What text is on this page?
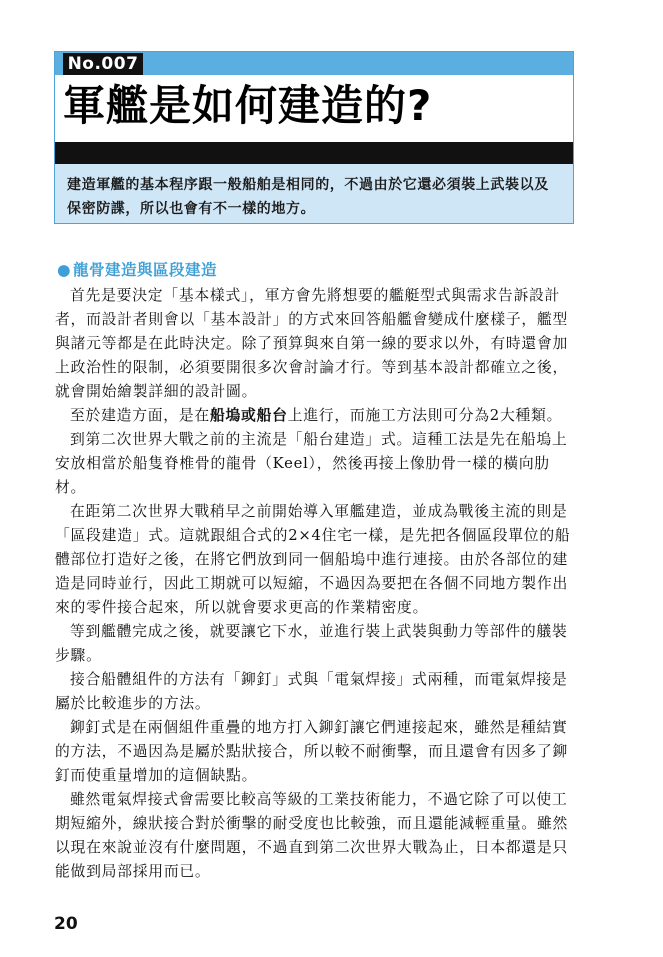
No.007
軍艦是如何建造的?
建造軍艦的基本程序跟一般船舶是相同的，不過由於它還必須裝上武裝以及保密防諜，所以也會有不一樣的地方。
● 龍骨建造與區段建造

首先是要決定「基本樣式」，軍方會先將想要的艦艇型式與需求告訴設計者，而設計者則會以「基本設計」的方式來回答船艦會變成什麼樣子，艦型與諸元等都是在此時決定。除了預算與來自第一線的要求以外，有時還會加上政治性的限制，必須要開很多次會討論才行。等到基本設計都確立之後，就會開始繪製詳細的設計圖。

至於建造方面，是在船塢或船台上進行，而施工方法則可分為2大種類。

到第二次世界大戰之前的主流是「船台建造」式。這種工法是先在船塢上安放相當於船隻脊椎骨的龍骨（Keel），然後再接上像肋骨一樣的橫向肋材。

在距第二次世界大戰稍早之前開始導入軍艦建造，並成為戰後主流的則是「區段建造」式。這就跟組合式的2×4住宅一樣，是先把各個區段單位的船體部位打造好之後，在將它們放到同一個船塢中進行連接。由於各部位的建造是同時並行，因此工期就可以短縮，不過因為要把在各個不同地方製作出來的零件接合起來，所以就會要求更高的作業精密度。

等到艦體完成之後，就要讓它下水，並進行裝上武裝與動力等部件的艤裝步驟。

接合船體組件的方法有「鉚釘」式與「電氣焊接」式兩種，而電氣焊接是屬於比較進步的方法。

鉚釘式是在兩個組件重疊的地方打入鉚釘讓它們連接起來，雖然是種結實的方法，不過因為是屬於點狀接合，所以較不耐衝擊，而且還會有因多了鉚釘而使重量增加的這個缺點。

雖然電氣焊接式會需要比較高等級的工業技術能力，不過它除了可以使工期短縮外，線狀接合對於衝擊的耐受度也比較強，而且還能減輕重量。雖然以現在來說並沒有什麼問題，不過直到第二次世界大戰為止，日本都還是只能做到局部採用而已。

20
